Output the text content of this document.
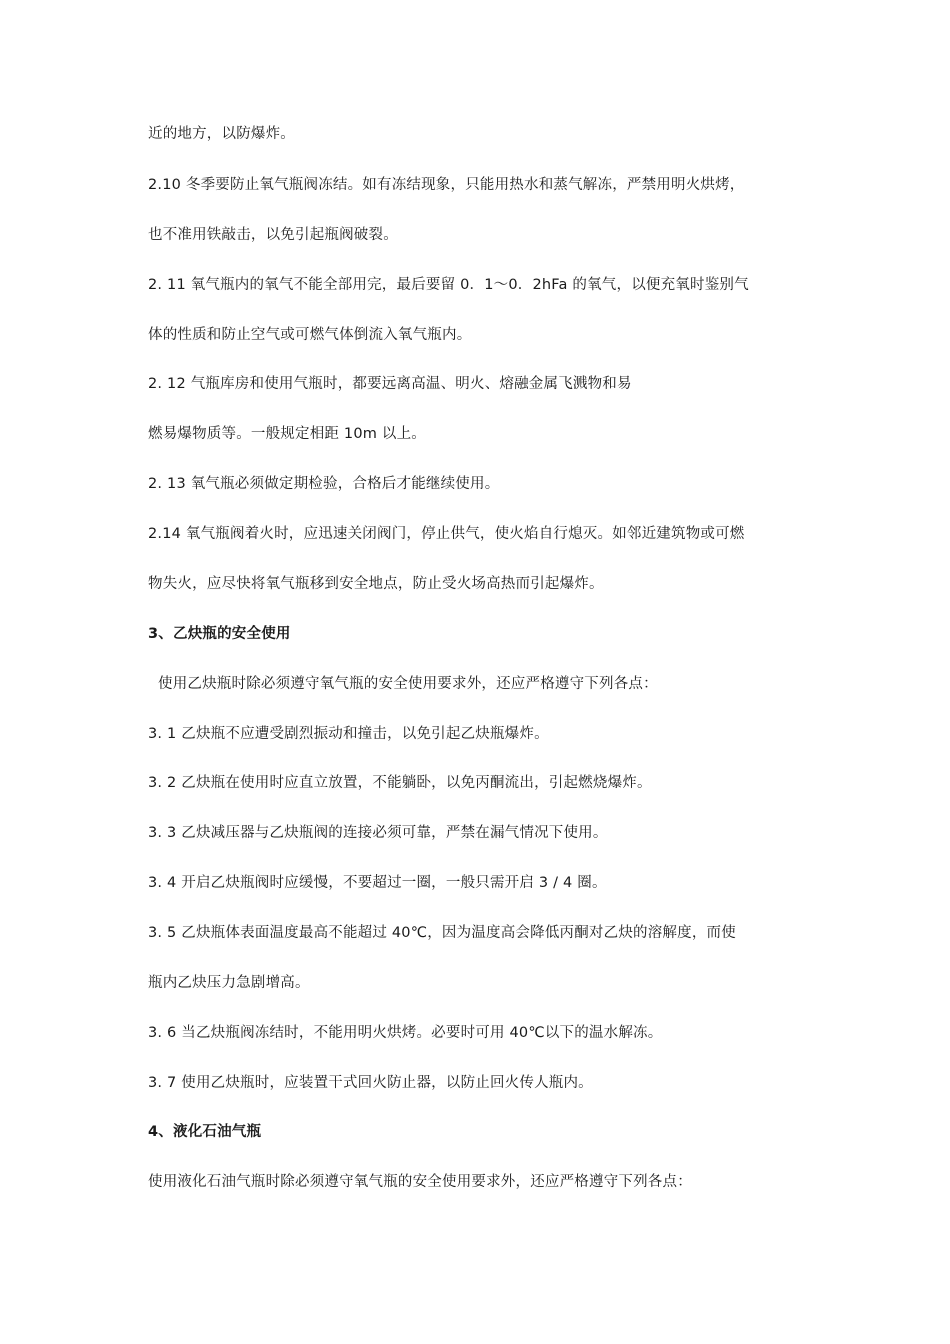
近的地方，以防爆炸。
2.10 冬季要防止氧气瓶阀冻结。如有冻结现象，只能用热水和蒸气解冻，严禁用明火烘烤，
也不准用铁敲击，以免引起瓶阀破裂。
2. 11 氧气瓶内的氧气不能全部用完，最后要留 0．1～0．2hFa 的氧气，以便充氧时鉴别气
体的性质和防止空气或可燃气体倒流入氧气瓶内。
2. 12 气瓶库房和使用气瓶时，都要远离高温、明火、熔融金属飞溅物和易
燃易爆物质等。一般规定相距 10m 以上。
2. 13 氧气瓶必须做定期检验，合格后才能继续使用。
2.14 氧气瓶阀着火时，应迅速关闭阀门，停止供气，使火焰自行熄灭。如邻近建筑物或可燃
物失火，应尽快将氧气瓶移到安全地点，防止受火场高热而引起爆炸。
3、乙炔瓶的安全使用
使用乙炔瓶时除必须遵守氧气瓶的安全使用要求外，还应严格遵守下列各点：
3. 1 乙炔瓶不应遭受剧烈振动和撞击，以免引起乙炔瓶爆炸。
3. 2 乙炔瓶在使用时应直立放置，不能躺卧，以免丙酮流出，引起燃烧爆炸。
3. 3 乙炔减压器与乙炔瓶阀的连接必须可靠，严禁在漏气情况下使用。
3. 4 开启乙炔瓶阀时应缓慢，不要超过一圈，一般只需开启 3 / 4 圈。
3. 5 乙炔瓶体表面温度最高不能超过 40℃，因为温度高会降低丙酮对乙炔的溶解度，而使
瓶内乙炔压力急剧增高。
3. 6 当乙炔瓶阀冻结时，不能用明火烘烤。必要时可用 40℃以下的温水解冻。
3. 7 使用乙炔瓶时，应装置干式回火防止器，以防止回火传人瓶内。
4、液化石油气瓶
使用液化石油气瓶时除必须遵守氧气瓶的安全使用要求外，还应严格遵守下列各点：
